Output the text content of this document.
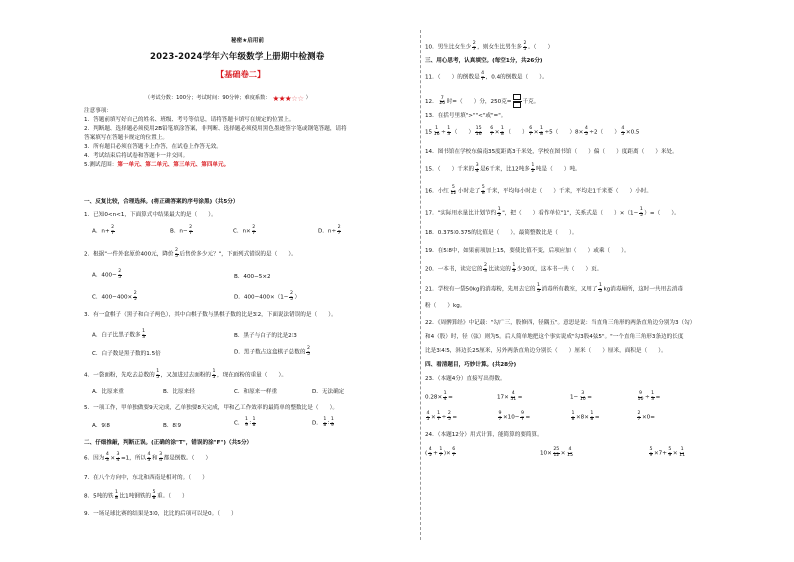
秘密★启用前
2023-2024学年六年级数学上册期中检测卷
【基础卷二】
（考试分数：100分；考试时间：90分钟；难度系数： ★★★☆☆ ）
注意事项：
1．答题前填写好自己的姓名、班级、考号等信息，请将答题卡填写在规定的位置上。
2．判断题、选择题必须使用2B铅笔填涂答案，非判断、选择题必须使用黑色墨迹签字笔或钢笔答题，请将
答案填写在答题卡规定的位置上。
3．所有题目必须在答题卡上作答，在试卷上作答无效。
4．考试结束后将试卷和答题卡一并交回。
5.测试范围：第一单元、第二单元、第三单元、第四单元。
一、反复比较，合理选择。(将正确答案的序号涂黑)（共5分）
1．已知0<n<1，下面算式中结果最大的是（　　）。
A．$n+ \frac{2}{7}$	B．$n- \frac{2}{7}$	C．$n\times \frac{2}{7}$	D．$n\div \frac{2}{7}$
2．根据"一件外套原价400元，降价 $\frac{2}{5}$ 后售价多少元？"，下面列式错误的是（　　）。
A．$400- \frac{2}{5}$	B．400−5×2
C．$400-400\times \frac{2}{5}$	D．$400-400\times(1- \frac{2}{5}$ ）
3．有一盒棋子（黑子和白子两色），其中白棋子数与黑棋子数的比是3∶2，下面说法错误的是（　　）。
A．白子比黑子数多 $\frac{1}{3}$	B．黑子与白子的比是2∶3
C．白子数是黑子数的1.5倍	D．黑子数占这盒棋子总数的 $\frac{2}{5}$
4．一袋面粉，先吃去总数的 $\frac{1}{5}$ ，又加进过去面粉的 $\frac{1}{5}$ ，现在面粉的重量（　　）。
A．比原来重	B．比原来轻	C．和原来一样重	D．无法确定
5．一项工作，甲单独做要9天完成，乙单独要8天完成，甲和乙工作效率的最简单的整数比是（　　）。
A．9∶8	B．8∶9	C． $\frac{1}{9}$ ∶ $\frac{1}{8}$	D． $\frac{1}{8}$ ∶ $\frac{1}{9}$
二、仔细推敲，判断正误。(正确的涂"T"，错误的涂"F")（共5分）
6．因为 $\frac{4}{3} \times \frac{3}{4} =1$，所以 $\frac{4}{3}$ 和 $\frac{3}{4}$ 都是倒数。（　　）
7．在八个方向中，东北和西南是相对的。（　　）
8．5吨的铁 $\frac{1}{8}$ 比1吨钢铁的 $\frac{5}{8}$ 重。（　　）
9．一场足球比赛的结果是3∶0，比比的后项可以是0。（　　）
10．男生比女生少 $\frac{2}{7}$ ，则女生比男生多 $\frac{2}{5}$ 。（　　）
三、用心思考，认真填空。(每空1分，共26分)
11．（　　）的倒数是 $\frac{4}{7}$ ，0.4的倒数是（　　）。
12． $\frac{7}{20}$ 时=（　　）分，250克= 千克。
13．在括号里填">""<"或"="。
$15 \frac{1}{16} \div \frac{1}{3}$ （　　） $\frac{15}{16}$
　 $\frac{6}{7} \times \frac{1}{8}$ （　　） $\frac{6}{7} \times \frac{1}{8} \div 5$（　　）$8\times \frac{4}{5} \div 2$（　　） $\frac{4}{5} \times 0.5$
14．图书馆在学校东偏南35度距离3千米处，学校在图书馆（　　）偏（　　）度距离（　　）米处。
15．（　　）千米的 $\frac{3}{4}$ 是6千米，比12吨多 $\frac{1}{2}$ 吨是（　　）吨。
16．小红 $\frac{5}{12}$ 小时走了 $\frac{5}{8}$ 千米，平均每小时走（　　）千米，平均走1千米要（　　）小时。
17．"实际用水量比计划节约 $\frac{1}{5}$ "，把（　　）看作单位"1"，关系式是（　　）$\times(1- \frac{1}{5}$ ）=（　　）。
18．0.375∶0.375的比值是（　　），最简整数比是（　　）。
19．在5∶8中，如果前项加上15，要使比值不变，后项应加（　　）或乘（　　）。
20．一本书，读完它的 $\frac{2}{3}$ 比读完的 $\frac{1}{3}$ 少30页，这本书一共（　　）页。
21．学校有一袋50kg的消毒粉，先用去它的 $\frac{1}{5}$ 消毒所有教室，又用了 $\frac{1}{5}$ kg消毒厕所，这时一共用去消毒
粉（　　）kg。
22．《周髀算经》中记载："勾广三，股修四，径隅五"。意思是说：当直角三角形的两条直角边分别为3（勾）
和4（股）时，径（弦）则为5。后人简单地把这个事实说成"勾3股4弦5"。"一个直角三角形3条边的长度
比是3∶4∶5，斜边长25厘米，另外两条直角边分别长（　　）厘米（　　）厘米，面积是（　　）。
四、看清题目，巧妙计算。(共28分)
23．（本题4分）直接写出得数。
$0.28\times \frac{1}{4}$ =	$17\times \frac{4}{51}$ =	$1- \frac{3}{10}$ =	$\frac{9}{10} \div \frac{1}{3}$ =
$\frac{4}{5} \times \frac{1}{7} \div \frac{2}{5}$ =	$\frac{9}{7} \times 10- \frac{9}{7}$ =	$\frac{1}{8} \times 8\times \frac{1}{8}$ =	$\frac{2}{7} \times 0=$
24．（本题12分）用式计算，能简算的要简算。
( $\frac{4}{5} + \frac{1}{7}$ )× $\frac{6}{7}$	$10\times \frac{25}{12} \times \frac{4}{15}$	$\frac{5}{9} \times 7+ \frac{5}{9} \times \frac{1}{11}$
